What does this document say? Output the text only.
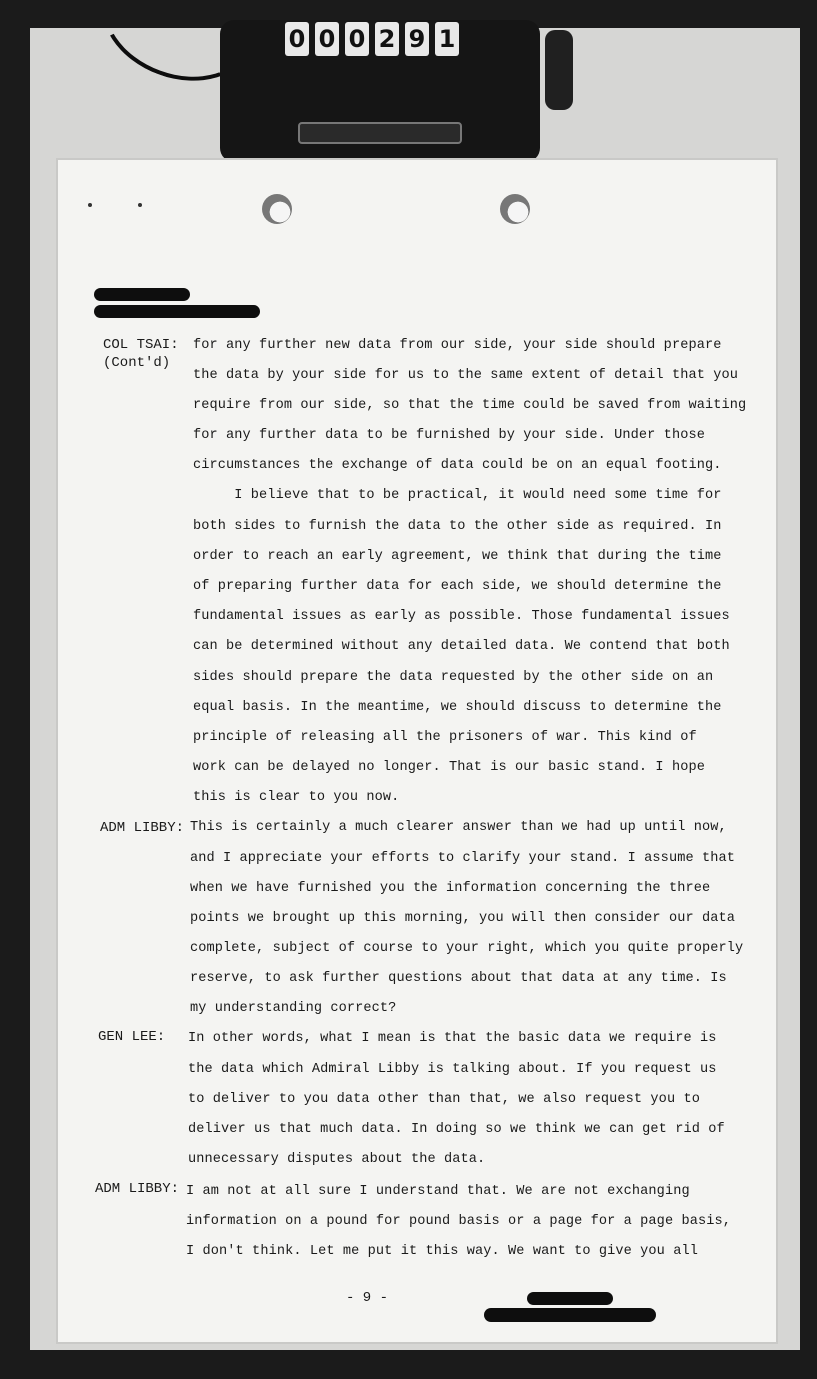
0 0 0 2 9 1
COL TSAI:
(Cont'd)
ADM LIBBY:
GEN LEE:
ADM LIBBY:
for any further new data from our side, your side should prepare
the data by your side for us to the same extent of detail that you
require from our side, so that the time could be saved from waiting
for any further data to be furnished by your side. Under those
circumstances the exchange of data could be on an equal footing.
I believe that to be practical, it would need some time for
both sides to furnish the data to the other side as required. In
order to reach an early agreement, we think that during the time
of preparing further data for each side, we should determine the
fundamental issues as early as possible. Those fundamental issues
can be determined without any detailed data. We contend that both
sides should prepare the data requested by the other side on an
equal basis. In the meantime, we should discuss to determine the
principle of releasing all the prisoners of war. This kind of
work can be delayed no longer. That is our basic stand. I hope
this is clear to you now.
This is certainly a much clearer answer than we had up until now,
and I appreciate your efforts to clarify your stand. I assume that
when we have furnished you the information concerning the three
points we brought up this morning, you will then consider our data
complete, subject of course to your right, which you quite properly
reserve, to ask further questions about that data at any time. Is
my understanding correct?
In other words, what I mean is that the basic data we require is
the data which Admiral Libby is talking about. If you request us
to deliver to you data other than that, we also request you to
deliver us that much data. In doing so we think we can get rid of
unnecessary disputes about the data.
I am not at all sure I understand that. We are not exchanging
information on a pound for pound basis or a page for a page basis,
I don't think. Let me put it this way. We want to give you all
- 9 -
